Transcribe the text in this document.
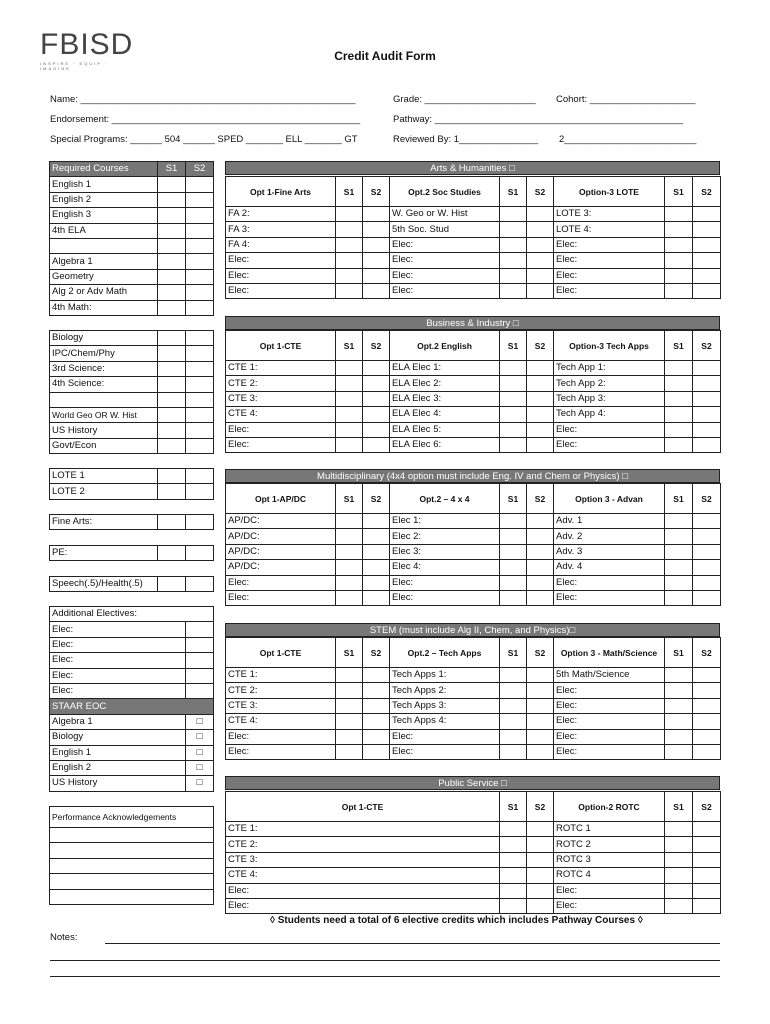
FBISD
INSPIRE · EQUIP · IMAGINE
Credit Audit Form
Name: ____________________________________________________	Grade: _____________________ Cohort: ____________________
Endorsement: _______________________________________________	Pathway: _______________________________________________
Special Programs: ______ 504 ______ SPED _______ ELL _______ GT	Reviewed By: 1_______________ 2_________________________
Required Courses	S1	S2
English 1		
English 2		
English 3		
4th ELA		

Algebra 1		
Geometry		
Alg 2 or Adv Math		
4th Math:		
Biology		
IPC/Chem/Phy		
3rd Science:		
4th Science:		

World Geo OR W. Hist		
US History		
Govt/Econ		
LOTE 1		
LOTE 2		
Fine Arts:		
PE:		
Speech(.5)/Health(.5)		
Additional Electives:	
Elec:	
Elec:	
Elec:	
Elec:	
Elec:	
STAAR EOC	
Algebra 1	□
Biology	□
English 1	□
English 2	□
US History	□
Performance Acknowledgements

Arts & Humanities □
Opt 1-Fine Arts	S1	S2	Opt.2 Soc Studies	S1	S2	Option-3 LOTE	S1	S2
FA 2:			W. Geo or W. Hist			LOTE 3:		
FA 3:			5th Soc. Stud			LOTE 4:		
FA 4:			Elec:			Elec:		
Elec:			Elec:			Elec:		
Elec:			Elec:			Elec:		
Elec:			Elec:			Elec:		
Business & Industry □
Opt 1-CTE	S1	S2	Opt.2 English	S1	S2	Option-3 Tech Apps	S1	S2
CTE 1:			ELA Elec 1:			Tech App 1:		
CTE 2:			ELA Elec 2:			Tech App 2:		
CTE 3:			ELA Elec 3:			Tech App 3:		
CTE 4:			ELA Elec 4:			Tech App 4:		
Elec:			ELA Elec 5:			Elec:		
Elec:			ELA Elec 6:			Elec:		
Multidisciplinary (4x4 option must include Eng. IV and Chem or Physics) □
Opt 1-AP/DC	S1	S2	Opt.2 – 4 x 4	S1	S2	Option 3 - Advan	S1	S2
AP/DC:			Elec 1:			Adv. 1		
AP/DC:			Elec 2:			Adv. 2		
AP/DC:			Elec 3:			Adv. 3		
AP/DC:			Elec 4:			Adv. 4		
Elec:			Elec:			Elec:		
Elec:			Elec:			Elec:		
STEM (must include Alg II, Chem, and Physics)□
Opt 1-CTE	S1	S2	Opt.2 – Tech Apps	S1	S2	Option 3 - Math/Science	S1	S2
CTE 1:			Tech Apps 1:			5th Math/Science		
CTE 2:			Tech Apps 2:			Elec:		
CTE 3:			Tech Apps 3:			Elec:		
CTE 4:			Tech Apps 4:			Elec:		
Elec:			Elec:			Elec:		
Elec:			Elec:			Elec:		
Public Service □
Opt 1-CTE	S1	S2	Option-2 ROTC	S1	S2
CTE 1:			ROTC 1		
CTE 2:			ROTC 2		
CTE 3:			ROTC 3		
CTE 4:			ROTC 4		
Elec:			Elec:		
Elec:			Elec:		
◊ Students need a total of 6 elective credits which includes Pathway Courses ◊
Notes:
